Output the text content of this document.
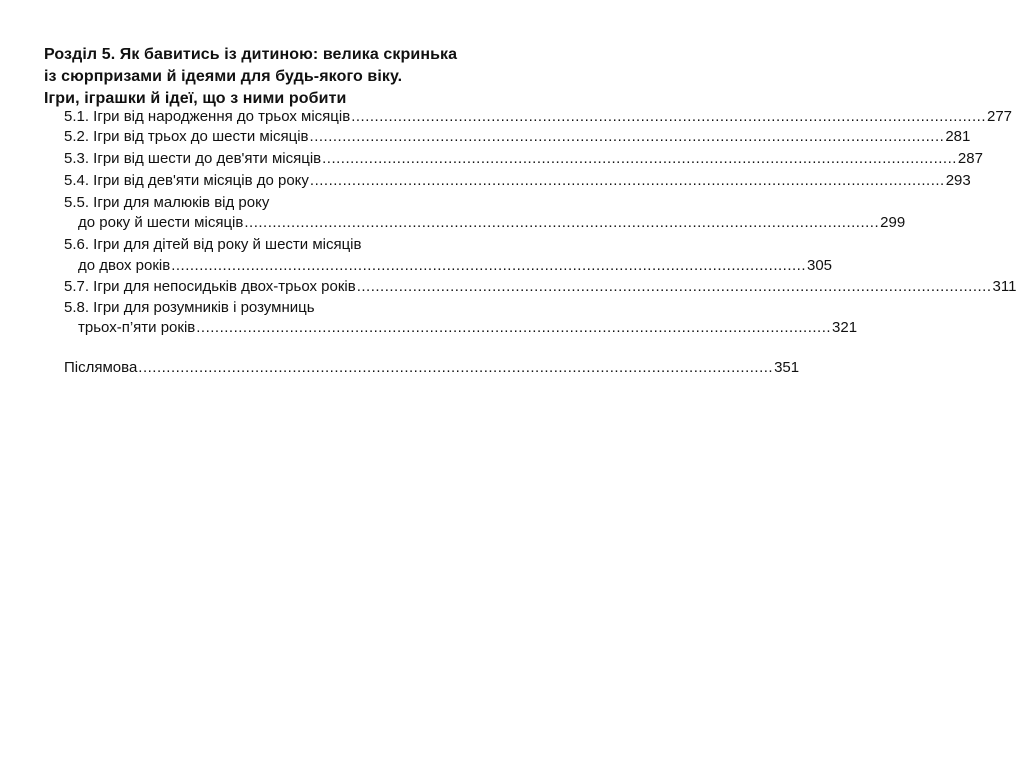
Розділ 5. Як бавитись із дитиною: велика скринька
із сюрпризами й ідеями для будь-якого віку.
Ігри, іграшки й ідеї, що з ними робити
5.1. Ігри від народження до трьох місяців ........................................................................................................................................ 277
5.2. Ігри від трьох до шести місяців ........................................................................................................................................ 281
5.3. Ігри від шести до дев'яти місяців ........................................................................................................................................ 287
5.4. Ігри від дев'яти місяців до року ........................................................................................................................................ 293
5.5. Ігри для малюків від року
до року й шести місяців ........................................................................................................................................ 299
5.6. Ігри для дітей від року й шести місяців
до двох років ........................................................................................................................................ 305
5.7. Ігри для непосидьків двох-трьох років ........................................................................................................................................ 311
5.8. Ігри для розумників і розумниць
трьох-п’яти років ........................................................................................................................................ 321
Післямова ........................................................................................................................................ 351
